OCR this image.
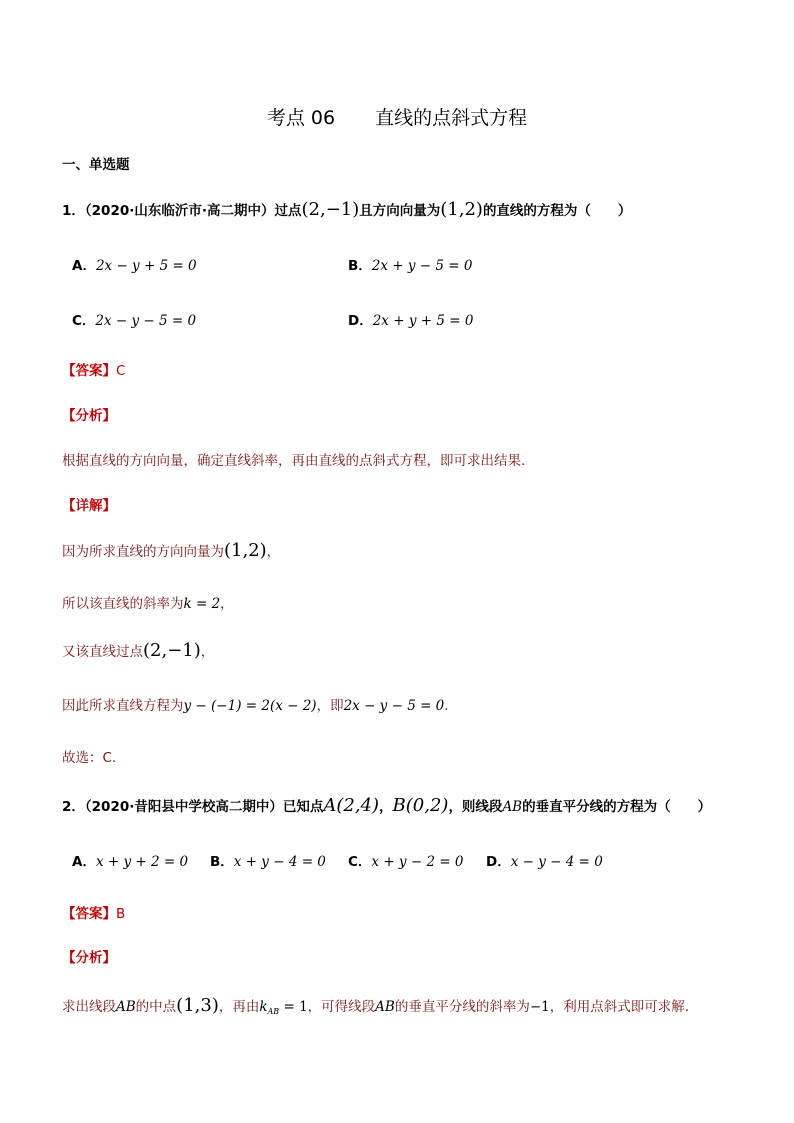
考点 06 直线的点斜式方程
一、单选题
1．（2020·山东临沂市·高二期中）过点(2,−1)且方向向量为(1,2)的直线的方程为（　　）
A．2x − y + 5 = 0	B．2x + y − 5 = 0
C．2x − y − 5 = 0	D．2x + y + 5 = 0
【答案】C
【分析】
根据直线的方向向量，确定直线斜率，再由直线的点斜式方程，即可求出结果.
【详解】
因为所求直线的方向向量为(1,2)，
所以该直线的斜率为k = 2，
又该直线过点(2,−1)，
因此所求直线方程为y − (−1) = 2(x − 2)，即2x − y − 5 = 0.
故选：C.
2．（2020·昔阳县中学校高二期中）已知点A(2,4)，B(0,2)，则线段AB的垂直平分线的方程为（　　）
A．x + y + 2 = 0 B．x + y − 4 = 0 C．x + y − 2 = 0 D．x − y − 4 = 0
【答案】B
【分析】
求出线段AB的中点(1,3)，再由$k_{AB} = 1$，可得线段AB的垂直平分线的斜率为−1，利用点斜式即可求解.
